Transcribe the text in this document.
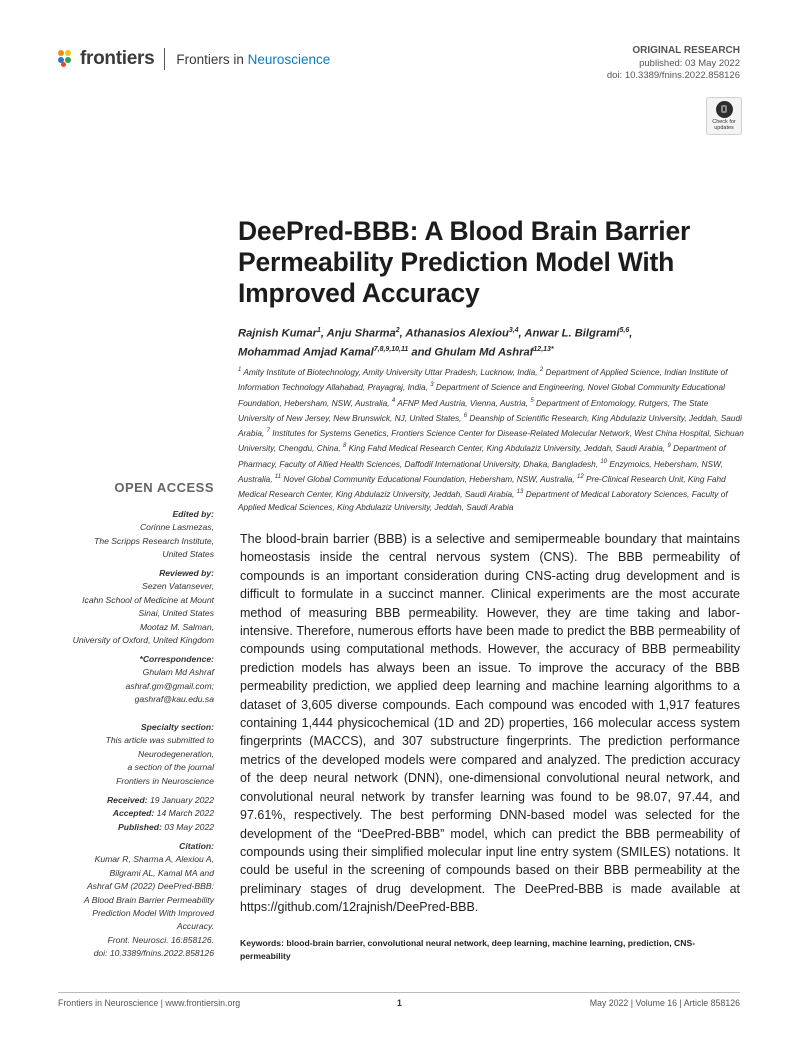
frontiers Frontiers in Neuroscience
ORIGINAL RESEARCH
published: 03 May 2022
doi: 10.3389/fnins.2022.858126
Check for
updates
DeePred-BBB: A Blood Brain Barrier Permeability Prediction Model With Improved Accuracy
Rajnish Kumar$^1$, Anju Sharma$^2$, Athanasios Alexiou$^{3,4}$, Anwar L. Bilgrami$^{5,6}$,
Mohammad Amjad Kamal$^{7,8,9,10,11}$ and Ghulam Md Ashraf$^{12,13*}$
$^1$ Amity Institute of Biotechnology, Amity University Uttar Pradesh, Lucknow, India, $^2$ Department of Applied Science, Indian Institute of Information Technology Allahabad, Prayagraj, India, $^3$ Department of Science and Engineering, Novel Global Community Educational Foundation, Hebersham, NSW, Australia, $^4$ AFNP Med Austria, Vienna, Austria, $^5$ Department of Entomology, Rutgers, The State University of New Jersey, New Brunswick, NJ, United States, $^6$ Deanship of Scientific Research, King Abdulaziz University, Jeddah, Saudi Arabia, $^7$ Institutes for Systems Genetics, Frontiers Science Center for Disease-Related Molecular Network, West China Hospital, Sichuan University, Chengdu, China, $^8$ King Fahd Medical Research Center, King Abdulaziz University, Jeddah, Saudi Arabia, $^9$ Department of Pharmacy, Faculty of Allied Health Sciences, Daffodil International University, Dhaka, Bangladesh, $^{10}$ Enzymoics, Hebersham, NSW, Australia, $^{11}$ Novel Global Community Educational Foundation, Hebersham, NSW, Australia, $^{12}$ Pre-Clinical Research Unit, King Fahd Medical Research Center, King Abdulaziz University, Jeddah, Saudi Arabia, $^{13}$ Department of Medical Laboratory Sciences, Faculty of Applied Medical Sciences, King Abdulaziz University, Jeddah, Saudi Arabia
OPEN ACCESS
Edited by:
Corinne Lasmezas,
The Scripps Research Institute,
United States
Reviewed by:
Sezen Vatansever,
Icahn School of Medicine at Mount
Sinai, United States
Mootaz M. Salman,
University of Oxford, United Kingdom
*Correspondence:
Ghulam Md Ashraf
ashraf.gm@gmail.com;
gashraf@kau.edu.sa
Specialty section:
This article was submitted to
Neurodegeneration,
a section of the journal
Frontiers in Neuroscience
Received: 19 January 2022
Accepted: 14 March 2022
Published: 03 May 2022
Citation:
Kumar R, Sharma A, Alexiou A,
Bilgrami AL, Kamal MA and
Ashraf GM (2022) DeePred-BBB:
A Blood Brain Barrier Permeability
Prediction Model With Improved
Accuracy.
Front. Neurosci. 16:858126.
doi: 10.3389/fnins.2022.858126
The blood-brain barrier (BBB) is a selective and semipermeable boundary that maintains homeostasis inside the central nervous system (CNS). The BBB permeability of compounds is an important consideration during CNS-acting drug development and is difficult to formulate in a succinct manner. Clinical experiments are the most accurate method of measuring BBB permeability. However, they are time taking and labor-intensive. Therefore, numerous efforts have been made to predict the BBB permeability of compounds using computational methods. However, the accuracy of BBB permeability prediction models has always been an issue. To improve the accuracy of the BBB permeability prediction, we applied deep learning and machine learning algorithms to a dataset of 3,605 diverse compounds. Each compound was encoded with 1,917 features containing 1,444 physicochemical (1D and 2D) properties, 166 molecular access system fingerprints (MACCS), and 307 substructure fingerprints. The prediction performance metrics of the developed models were compared and analyzed. The prediction accuracy of the deep neural network (DNN), one-dimensional convolutional neural network, and convolutional neural network by transfer learning was found to be 98.07, 97.44, and 97.61%, respectively. The best performing DNN-based model was selected for the development of the “DeePred-BBB” model, which can predict the BBB permeability of compounds using their simplified molecular input line entry system (SMILES) notations. It could be useful in the screening of compounds based on their BBB permeability at the preliminary stages of drug development. The DeePred-BBB is made available at https://github.com/12rajnish/DeePred-BBB.
Keywords: blood-brain barrier, convolutional neural network, deep learning, machine learning, prediction, CNS-permeability
Frontiers in Neuroscience | www.frontiersin.org	1	May 2022 | Volume 16 | Article 858126
